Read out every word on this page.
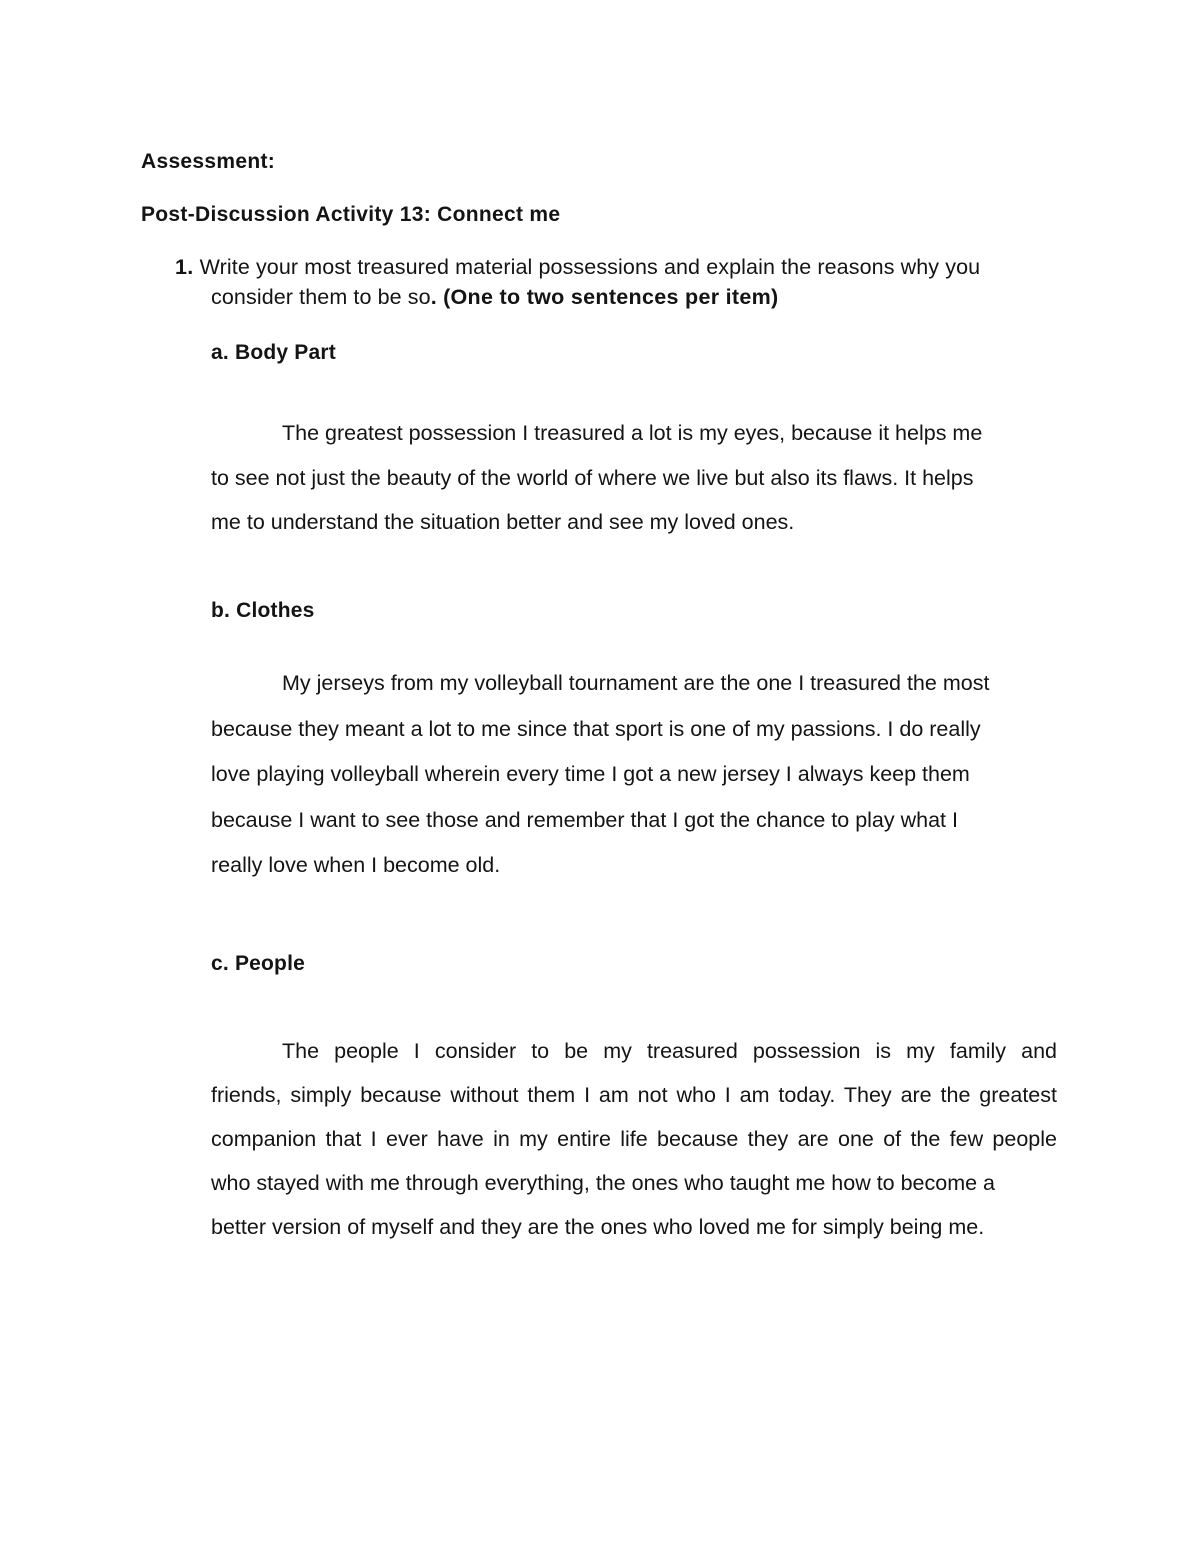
Assessment:
Post-Discussion Activity 13: Connect me
1. Write your most treasured material possessions and explain the reasons why you
consider them to be so. (One to two sentences per item)
a. Body Part
The greatest possession I treasured a lot is my eyes, because it helps me
to see not just the beauty of the world of where we live but also its flaws. It helps
me to understand the situation better and see my loved ones.
b. Clothes
My jerseys from my volleyball tournament are the one I treasured the most
because they meant a lot to me since that sport is one of my passions. I do really
love playing volleyball wherein every time I got a new jersey I always keep them
because I want to see those and remember that I got the chance to play what I
really love when I become old.
c. People
The people I consider to be my treasured possession is my family and
friends, simply because without them I am not who I am today. They are the greatest
companion that I ever have in my entire life because they are one of the few people
who stayed with me through everything, the ones who taught me how to become a
better version of myself and they are the ones who loved me for simply being me.
